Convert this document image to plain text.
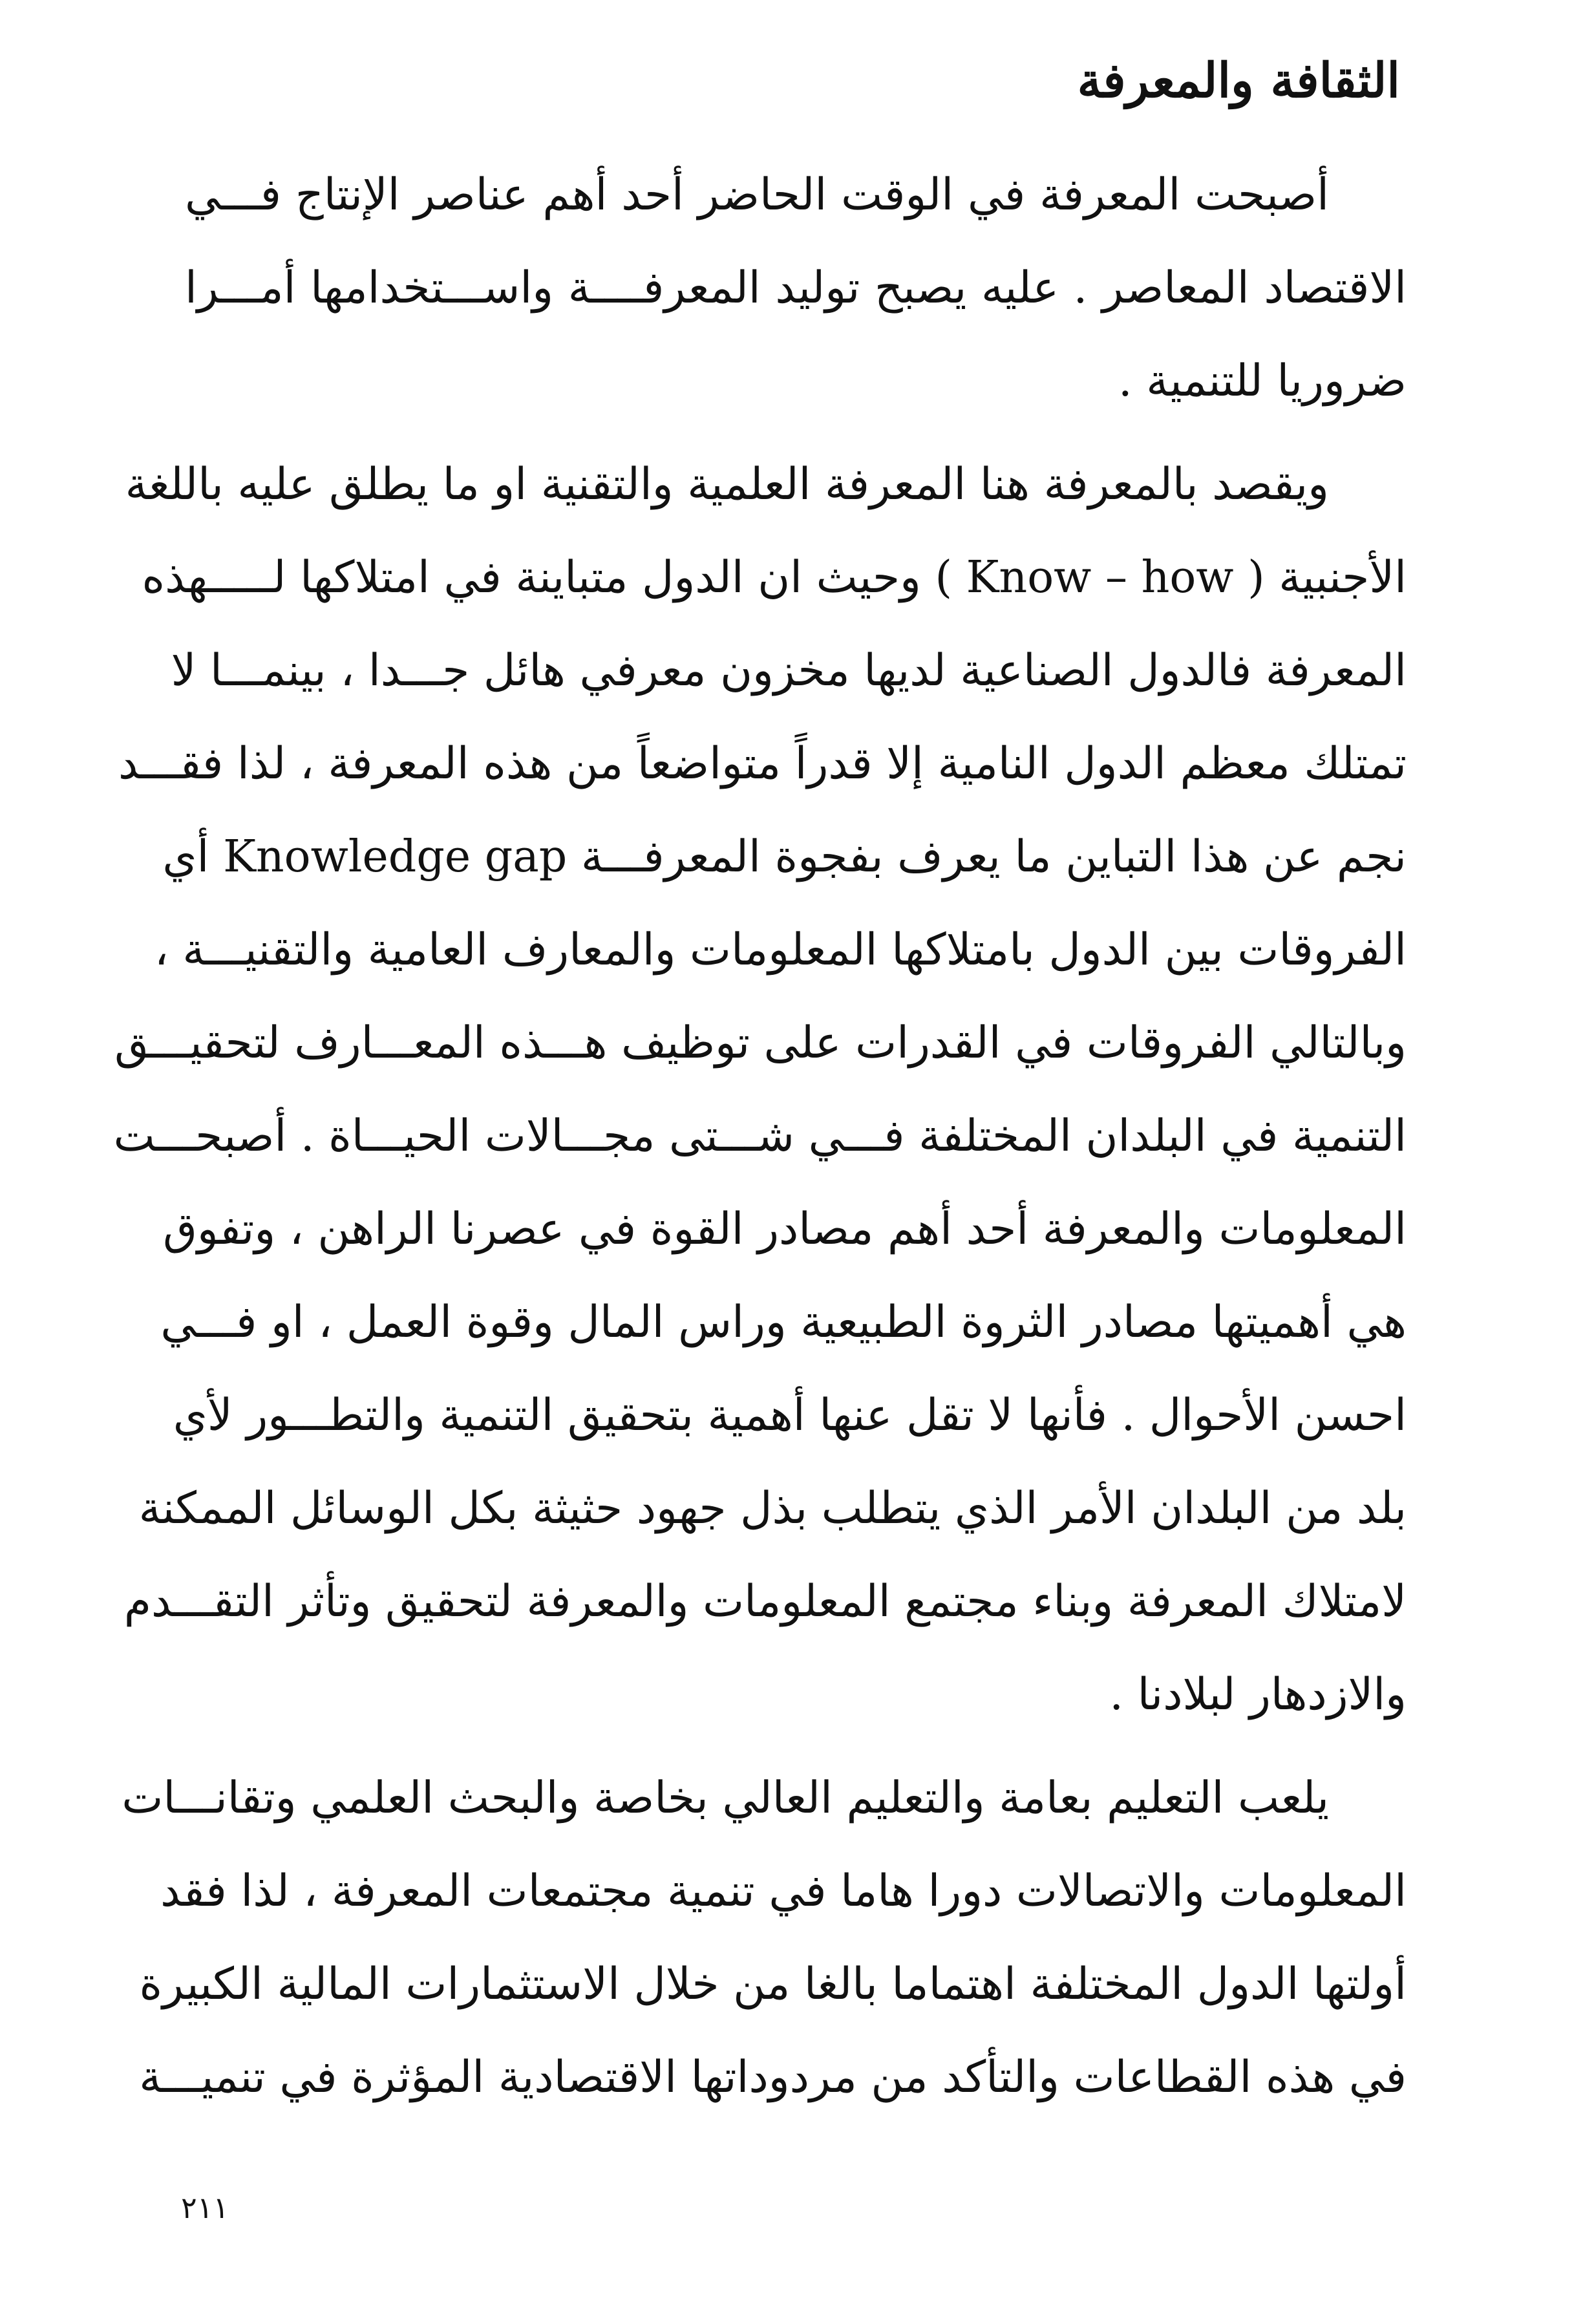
الثقافة والمعرفة
أصبحت المعرفة في الوقت الحاضر أحد أهم عناصر الإنتاج فـــي
الاقتصاد المعاصر . عليه يصبح توليد المعرفــــة واســـتخدامها أمـــرا
ضروريا للتنمية .
ويقصد بالمعرفة هنا المعرفة العلمية والتقنية او ما يطلق عليه باللغة
الأجنبية ( Know – how ) وحيث ان الدول متباينة في امتلاكها لـــــهذه
المعرفة فالدول الصناعية لديها مخزون معرفي هائل جـــدا ، بينمـــا لا
تمتلك معظم الدول النامية إلا قدراً متواضعاً من هذه المعرفة ، لذا فقـــد
نجم عن هذا التباين ما يعرف بفجوة المعرفـــة Knowledge gap أي
الفروقات بين الدول بامتلاكها المعلومات والمعارف العامية والتقنيـــة ،
وبالتالي الفروقات في القدرات على توظيف هـــذه المعـــارف لتحقيـــق
التنمية في البلدان المختلفة فـــي شـــتى مجـــالات الحيـــاة . أصبحـــت
المعلومات والمعرفة أحد أهم مصادر القوة في عصرنا الراهن ، وتفوق
هي أهميتها مصادر الثروة الطبيعية وراس المال وقوة العمل ، او فـــي
احسن الأحوال . فأنها لا تقل عنها أهمية بتحقيق التنمية والتطـــور لأي
بلد من البلدان الأمر الذي يتطلب بذل جهود حثيثة بكل الوسائل الممكنة
لامتلاك المعرفة وبناء مجتمع المعلومات والمعرفة لتحقيق وتأثر التقـــدم
والازدهار لبلادنا .
يلعب التعليم بعامة والتعليم العالي بخاصة والبحث العلمي وتقانـــات
المعلومات والاتصالات دورا هاما في تنمية مجتمعات المعرفة ، لذا فقد
أولتها الدول المختلفة اهتماما بالغا من خلال الاستثمارات المالية الكبيرة
في هذه القطاعات والتأكد من مردوداتها الاقتصادية المؤثرة في تنميـــة
٢١١
